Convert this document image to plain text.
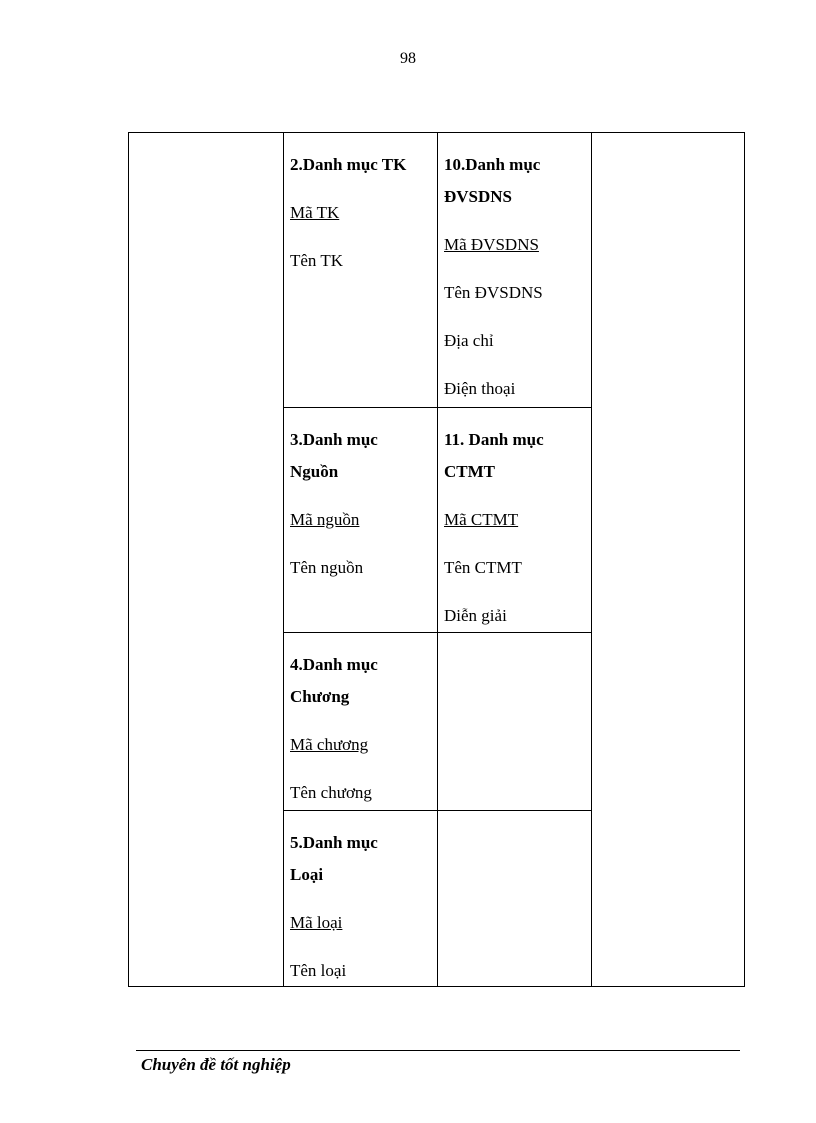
98
2.Danh mục TK
Mã TK
Tên TK
10.Danh mục
ĐVSDNS
Mã ĐVSDNS
Tên ĐVSDNS
Địa chỉ
Điện thoại
3.Danh mục
Nguồn
Mã nguồn
Tên nguồn
11. Danh mục
CTMT
Mã CTMT
Tên CTMT
Diễn giải
4.Danh mục
Chương
Mã chương
Tên chương
5.Danh mục
Loại
Mã loại
Tên loại
Chuyên đề tốt nghiệp
